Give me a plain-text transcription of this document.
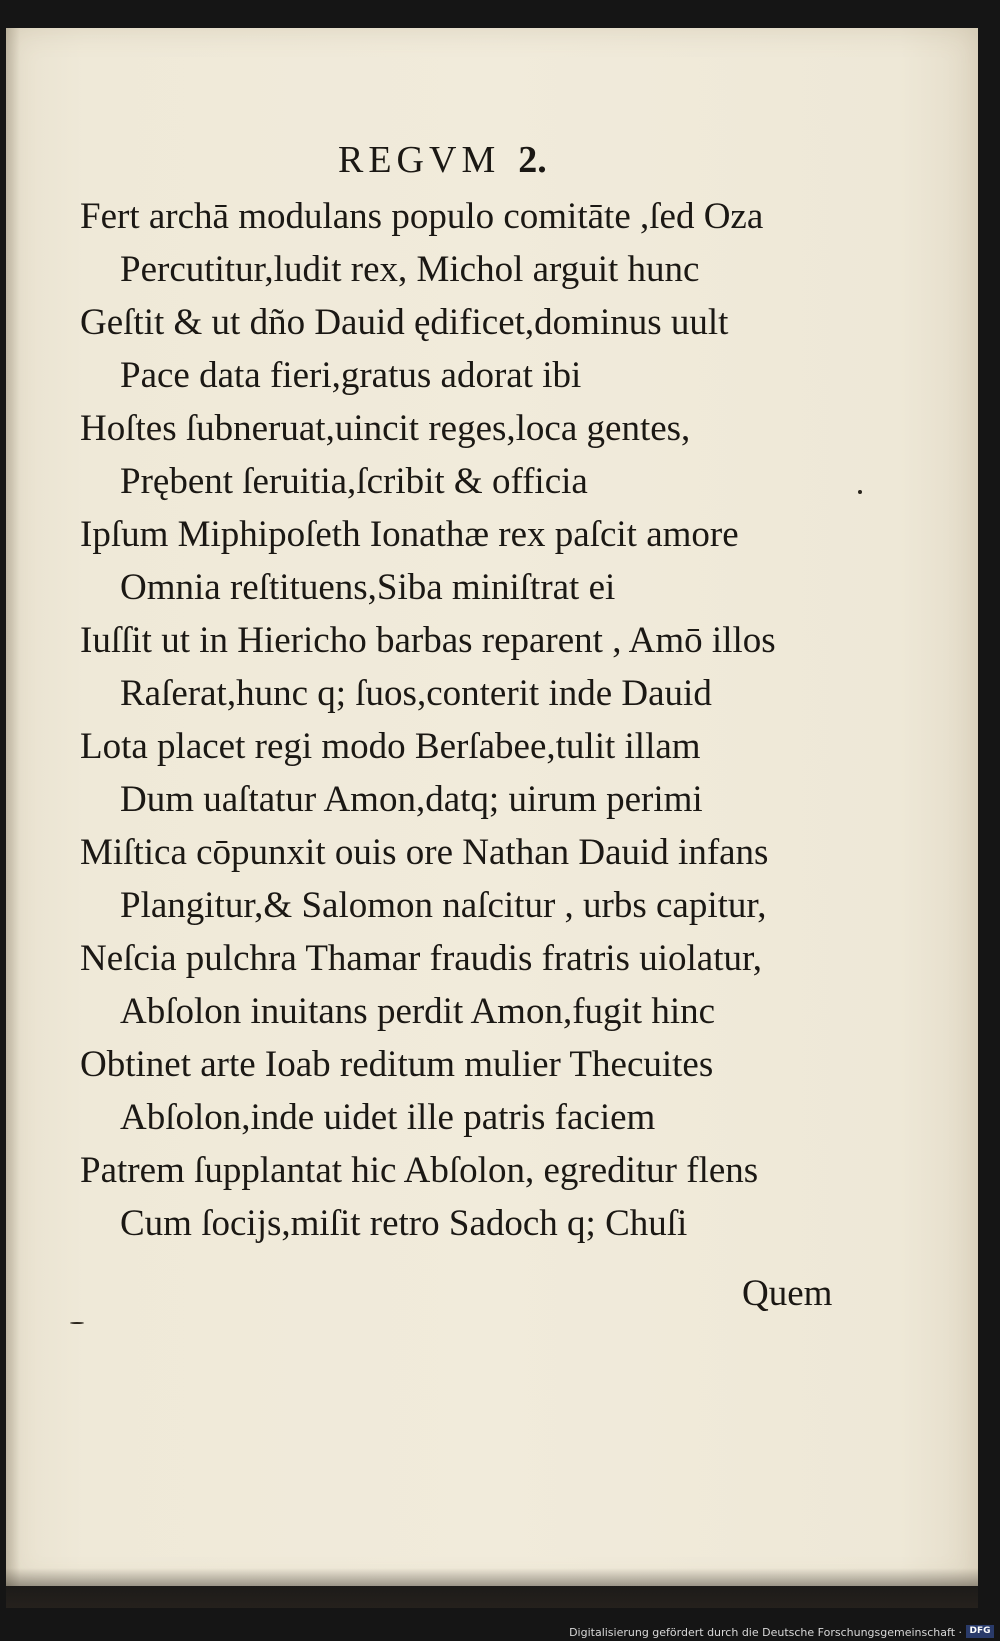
REGVM 2.
Fert archā modulans populo comitāte ,ſed Oza
Percutitur,ludit rex, Michol arguit hunc
Geſtit & ut dño Dauid ędificet,dominus uult
Pace data fieri,gratus adorat ibi
Hoſtes ſubneruat,uincit reges,loca gentes,
Prębent ſeruitia,ſcribit & officia
Ipſum Miphipoſeth Ionathæ rex paſcit amore
Omnia reſtituens,Siba miniſtrat ei
Iuſſit ut in Hiericho barbas reparent , Amō illos
Raſerat,hunc q; ſuos,conterit inde Dauid
Lota placet regi modo Berſabee,tulit illam
Dum uaſtatur Amon,datq; uirum perimi
Miſtica cōpunxit ouis ore Nathan Dauid infans
Plangitur,& Salomon naſcitur , urbs capitur,
Neſcia pulchra Thamar fraudis fratris uiolatur,
Abſolon inuitans perdit Amon,fugit hinc
Obtinet arte Ioab reditum mulier Thecuites
Abſolon,inde uidet ille patris faciem
Patrem ſupplantat hic Abſolon, egreditur flens
Cum ſocijs,miſit retro Sadoch q; Chuſi
Quem
Digitalisierung gefördert durch die Deutsche Forschungsgemeinschaft · DFG
